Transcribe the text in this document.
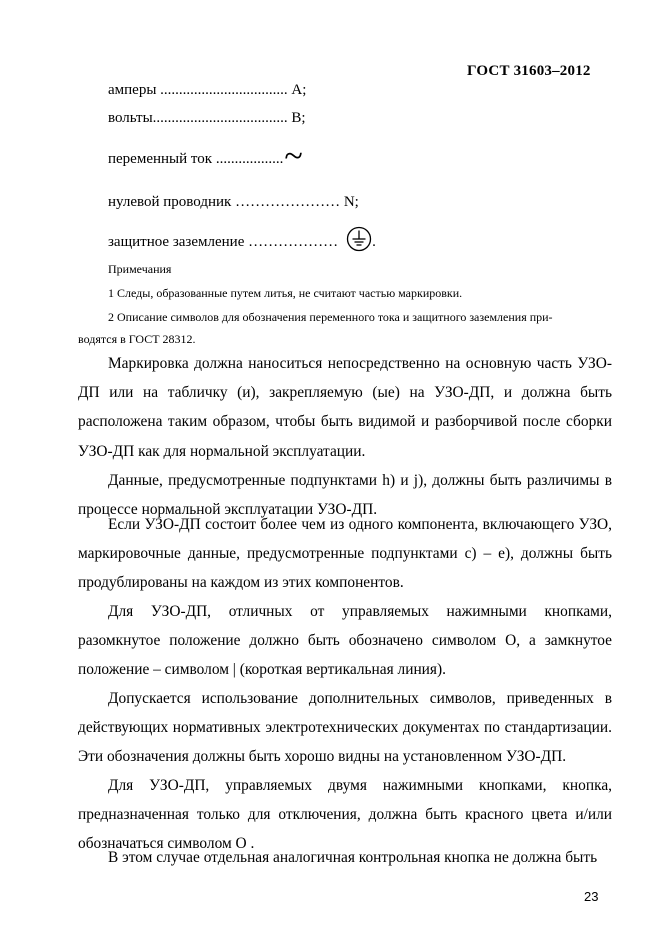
ГОСТ 31603–2012
амперы .................................. A;
вольты.................................... B;
переменный ток ..................~
нулевой проводник ………………… N;
защитное заземление ……………… .
Примечания
1 Следы, образованные путем литья, не считают частью маркировки.
2 Описание символов для обозначения переменного тока и защитного заземления при-
водятся в ГОСТ 28312.

Маркировка должна наноситься непосредственно на основную часть УЗО-ДП или на табличку (и), закрепляемую (ые) на УЗО-ДП, и должна быть расположена таким образом, чтобы быть видимой и разборчивой после сборки УЗО-ДП как для нормальной эксплуатации.

Данные, предусмотренные подпунктами h) и j), должны быть различимы в процессе нормальной эксплуатации УЗО-ДП.

Если УЗО-ДП состоит более чем из одного компонента, включающего УЗО, маркировочные данные, предусмотренные подпунктами c) – e), должны быть продублированы на каждом из этих компонентов.

Для УЗО-ДП, отличных от управляемых нажимными кнопками, разомкнутое положение должно быть обозначено символом O, а замкнутое положение – символом | (короткая вертикальная линия).

Допускается использование дополнительных символов, приведенных в действующих нормативных электротехнических документах по стандартизации. Эти обозначения должны быть хорошо видны на установленном УЗО-ДП.

Для УЗО-ДП, управляемых двумя нажимными кнопками, кнопка, предназначенная только для отключения, должна быть красного цвета и/или обозначаться символом O .

В этом случае отдельная аналогичная контрольная кнопка не должна быть

23
